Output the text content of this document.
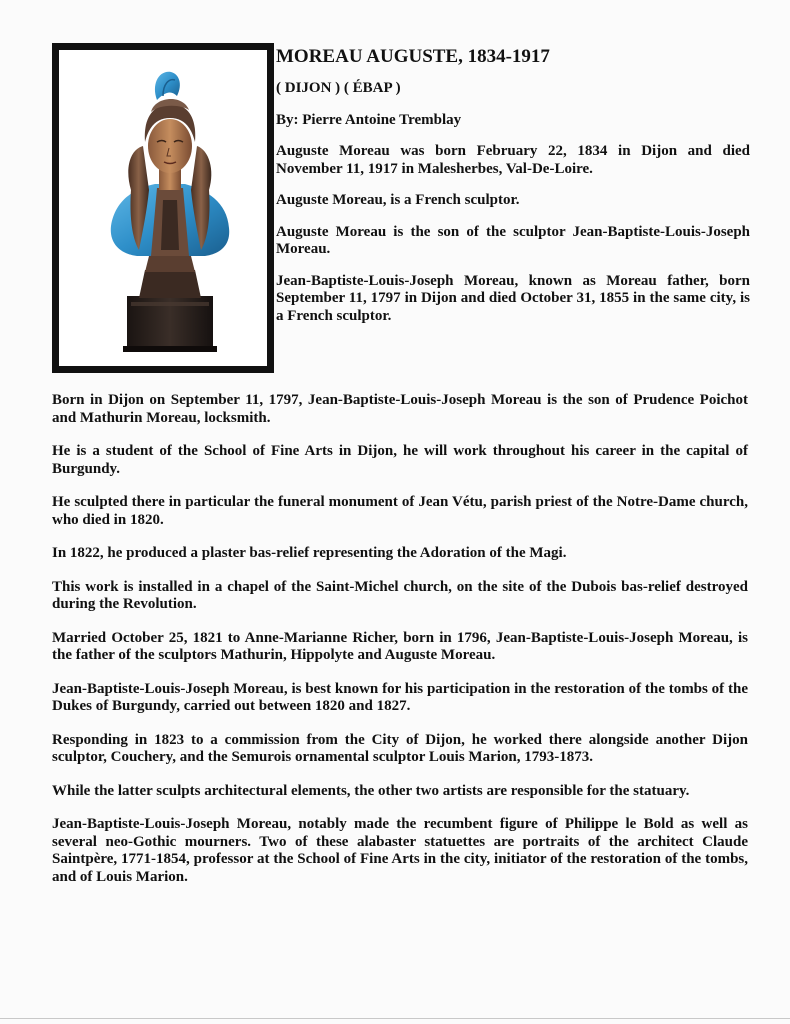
MOREAU AUGUSTE, 1834-1917
( DIJON ) ( ÉBAP )
By: Pierre Antoine Tremblay

Auguste Moreau was born February 22, 1834 in Dijon and died November 11, 1917 in Malesherbes, Val-De-Loire.

Auguste Moreau, is a French sculptor.

Auguste Moreau is the son of the sculptor Jean-Baptiste-Louis-Joseph Moreau.

Jean-Baptiste-Louis-Joseph Moreau, known as Moreau father, born September 11, 1797 in Dijon and died October 31, 1855 in the same city, is a French sculptor.

Born in Dijon on September 11, 1797, Jean-Baptiste-Louis-Joseph Moreau is the son of Prudence Poichot and Mathurin Moreau, locksmith.

He is a student of the School of Fine Arts in Dijon, he will work throughout his career in the capital of Burgundy.

He sculpted there in particular the funeral monument of Jean Vétu, parish priest of the Notre-Dame church, who died in 1820.

In 1822, he produced a plaster bas-relief representing the Adoration of the Magi.

This work is installed in a chapel of the Saint-Michel church, on the site of the Dubois bas-relief destroyed during the Revolution.

Married October 25, 1821 to Anne-Marianne Richer, born in 1796, Jean-Baptiste-Louis-Joseph Moreau, is the father of the sculptors Mathurin, Hippolyte and Auguste Moreau.

Jean-Baptiste-Louis-Joseph Moreau, is best known for his participation in the restoration of the tombs of the Dukes of Burgundy, carried out between 1820 and 1827.

Responding in 1823 to a commission from the City of Dijon, he worked there alongside another Dijon sculptor, Couchery, and the Semurois ornamental sculptor Louis Marion, 1793-1873.

While the latter sculpts architectural elements, the other two artists are responsible for the statuary.

Jean-Baptiste-Louis-Joseph Moreau, notably made the recumbent figure of Philippe le Bold as well as several neo-Gothic mourners. Two of these alabaster statuettes are portraits of the architect Claude Saintpère, 1771-1854, professor at the School of Fine Arts in the city, initiator of the restoration of the tombs, and of Louis Marion.
